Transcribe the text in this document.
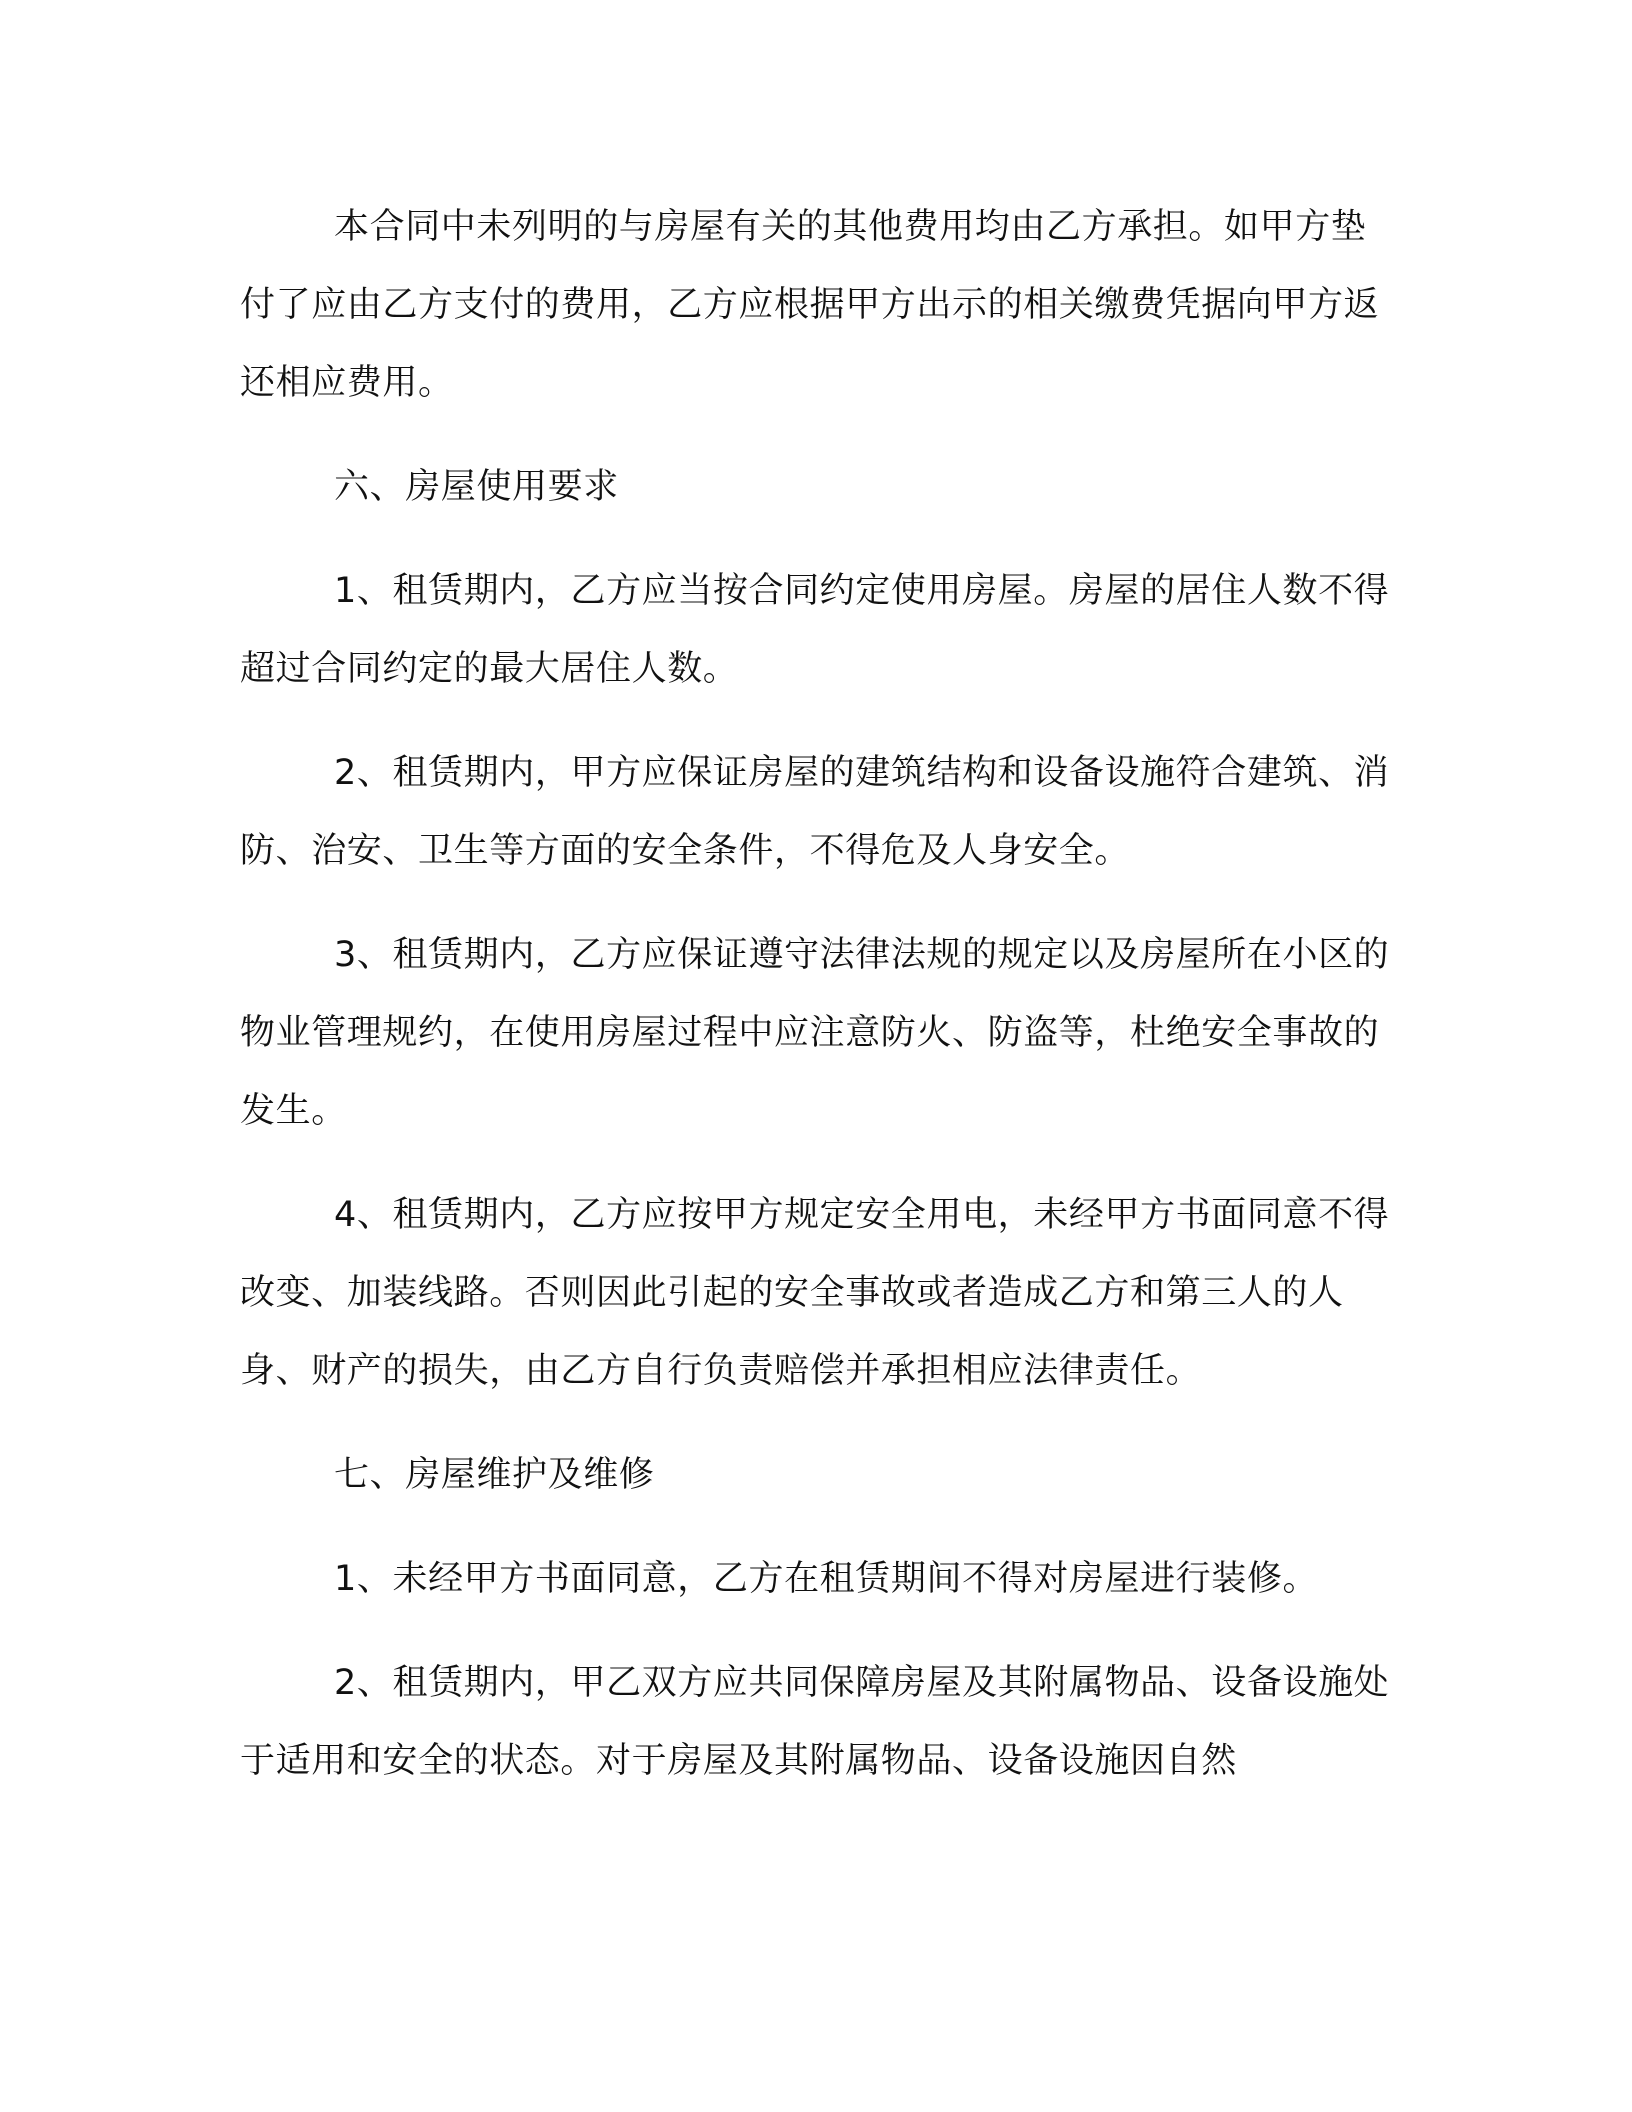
本合同中未列明的与房屋有关的其他费用均由乙方承担。如甲方垫付了应由乙方支付的费用，乙方应根据甲方出示的相关缴费凭据向甲方返还相应费用。

六、房屋使用要求

1、租赁期内，乙方应当按合同约定使用房屋。房屋的居住人数不得超过合同约定的最大居住人数。

2、租赁期内，甲方应保证房屋的建筑结构和设备设施符合建筑、消防、治安、卫生等方面的安全条件，不得危及人身安全。

3、租赁期内，乙方应保证遵守法律法规的规定以及房屋所在小区的物业管理规约，在使用房屋过程中应注意防火、防盗等，杜绝安全事故的发生。

4、租赁期内，乙方应按甲方规定安全用电，未经甲方书面同意不得改变、加装线路。否则因此引起的安全事故或者造成乙方和第三人的人身、财产的损失，由乙方自行负责赔偿并承担相应法律责任。

七、房屋维护及维修

1、未经甲方书面同意，乙方在租赁期间不得对房屋进行装修。

2、租赁期内，甲乙双方应共同保障房屋及其附属物品、设备设施处于适用和安全的状态。对于房屋及其附属物品、设备设施因自然
